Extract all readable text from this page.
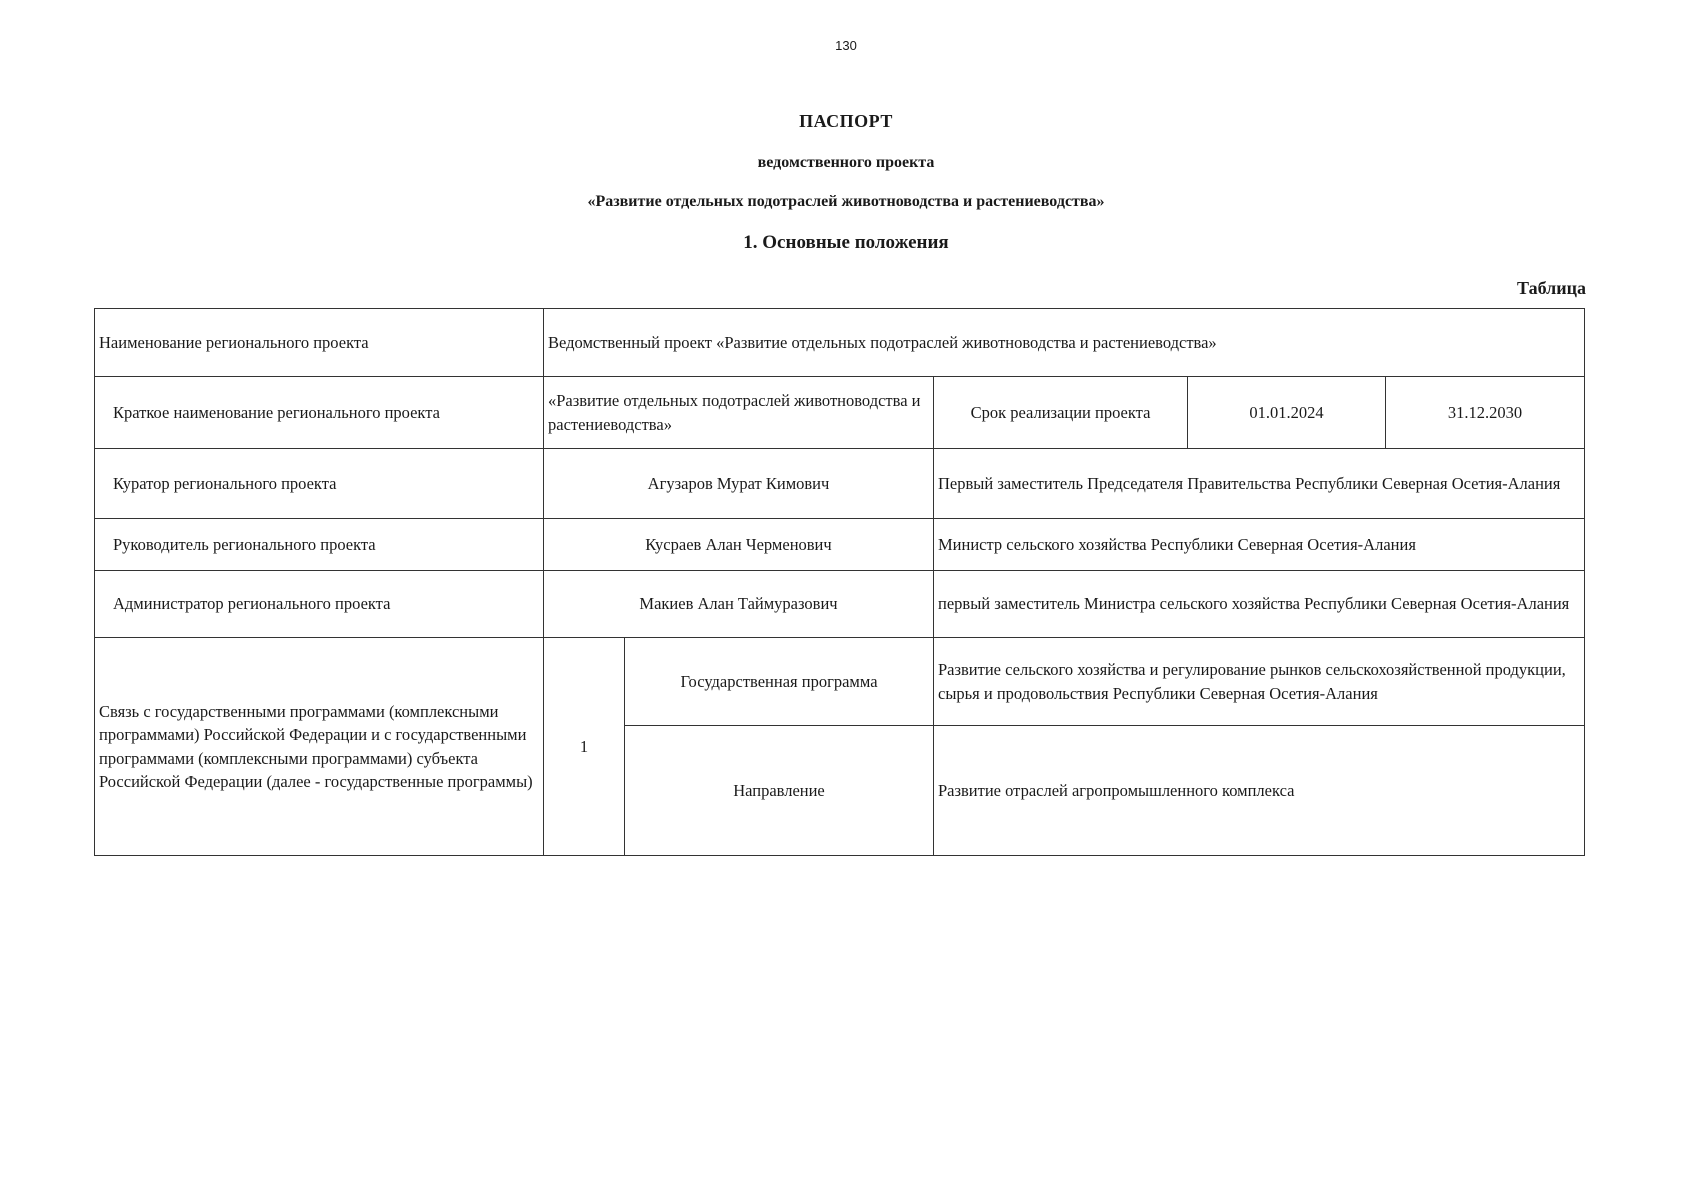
130
ПАСПОРТ
ведомственного проекта
«Развитие отдельных подотраслей животноводства и растениеводства»
1. Основные положения
Таблица
Наименование регионального проекта	Ведомственный проект «Развитие отдельных подотраслей животноводства и растениеводства»				
Краткое наименование регионального проекта	«Развитие отдельных подотраслей животноводства и растениеводства»		Срок реализации проекта	01.01.2024	31.12.2030
Куратор регионального проекта	Агузаров Мурат Кимович		Первый заместитель Председателя Правительства Республики Северная Осетия-Алания		
Руководитель регионального проекта	Кусраев Алан Черменович		Министр сельского хозяйства Республики Северная Осетия-Алания		
Администратор регионального проекта	Макиев Алан Таймуразович		первый заместитель Министра сельского хозяйства Республики Северная Осетия-Алания		
Связь с государственными программами (комплексными программами) Российской Федерации и с государственными программами (комплексными программами) субъекта Российской Федерации (далее - государственные программы)	1	Государственная программа	Развитие сельского хозяйства и регулирование рынков сельскохозяйственной продукции, сырья и продовольствия Республики Северная Осетия-Алания		
		Направление	Развитие отраслей агропромышленного комплекса		
